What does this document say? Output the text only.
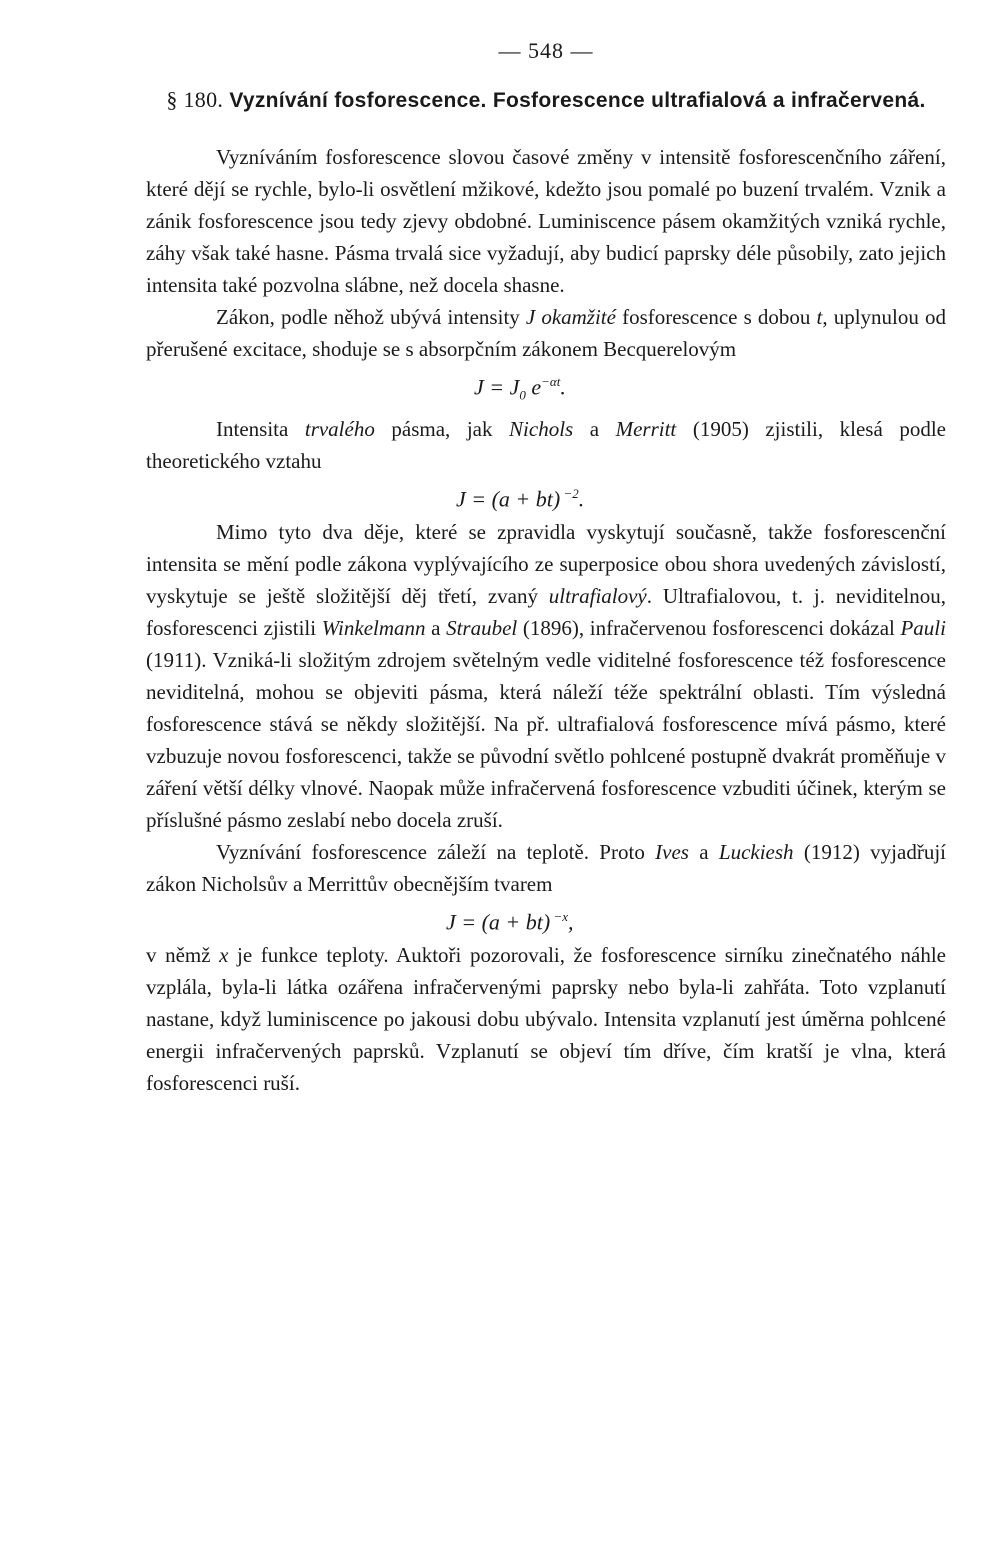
— 548 —
§ 180. Vyznívání fosforescence. Fosforescence ultrafialová a infračervená.

Vyzníváním fosforescence slovou časové změny v intensitě fosforescenčního záření, které dějí se rychle, bylo-li osvětlení mžikové, kdežto jsou pomalé po buzení trvalém. Vznik a zánik fosforescence jsou tedy zjevy obdobné. Luminiscence pásem okamžitých vzniká rychle, záhy však také hasne. Pásma trvalá sice vyžadují, aby budicí paprsky déle působily, zato jejich intensita také pozvolna slábne, než docela shasne.

Zákon, podle něhož ubývá intensity J okamžité fosforescence s dobou t, uplynulou od přerušené excitace, shoduje se s absorpčním zákonem Becquerelovým

$J = J_0$ $e^{-\alpha t}$.

Intensita trvalého pásma, jak Nichols a Merritt (1905) zjistili, klesá podle theoretického vztahu

J = (a + bt) $^{-2}$.

Mimo tyto dva děje, které se zpravidla vyskytují současně, takže fosforescenční intensita se mění podle zákona vyplývajícího ze superposice obou shora uvedených závislostí, vyskytuje se ještě složitější děj třetí, zvaný ultrafialový. Ultrafialovou, t. j. neviditelnou, fosforescenci zjistili Winkelmann a Straubel (1896), infračervenou fosforescenci dokázal Pauli (1911). Vzniká-li složitým zdrojem světelným vedle viditelné fosforescence též fosforescence neviditelná, mohou se objeviti pásma, která náleží téže spektrální oblasti. Tím výsledná fosforescence stává se někdy složitější. Na př. ultrafialová fosforescence mívá pásmo, které vzbuzuje novou fosforescenci, takže se původní světlo pohlcené postupně dvakrát proměňuje v záření větší délky vlnové. Naopak může infračervená fosforescence vzbuditi účinek, kterým se příslušné pásmo zeslabí nebo docela zruší.

Vyznívání fosforescence záleží na teplotě. Proto Ives a Luckiesh (1912) vyjadřují zákon Nicholsův a Merrittův obecnějším tvarem

J = (a + bt) $^{-x}$,

v němž x je funkce teploty. Auktoři pozorovali, že fosforescence sirníku zinečnatého náhle vzplála, byla-li látka ozářena infračervenými paprsky nebo byla-li zahřáta. Toto vzplanutí nastane, když luminiscence po jakousi dobu ubývalo. Intensita vzplanutí jest úměrna pohlcené energii infračervených paprsků. Vzplanutí se objeví tím dříve, čím kratší je vlna, která fosforescenci ruší.
